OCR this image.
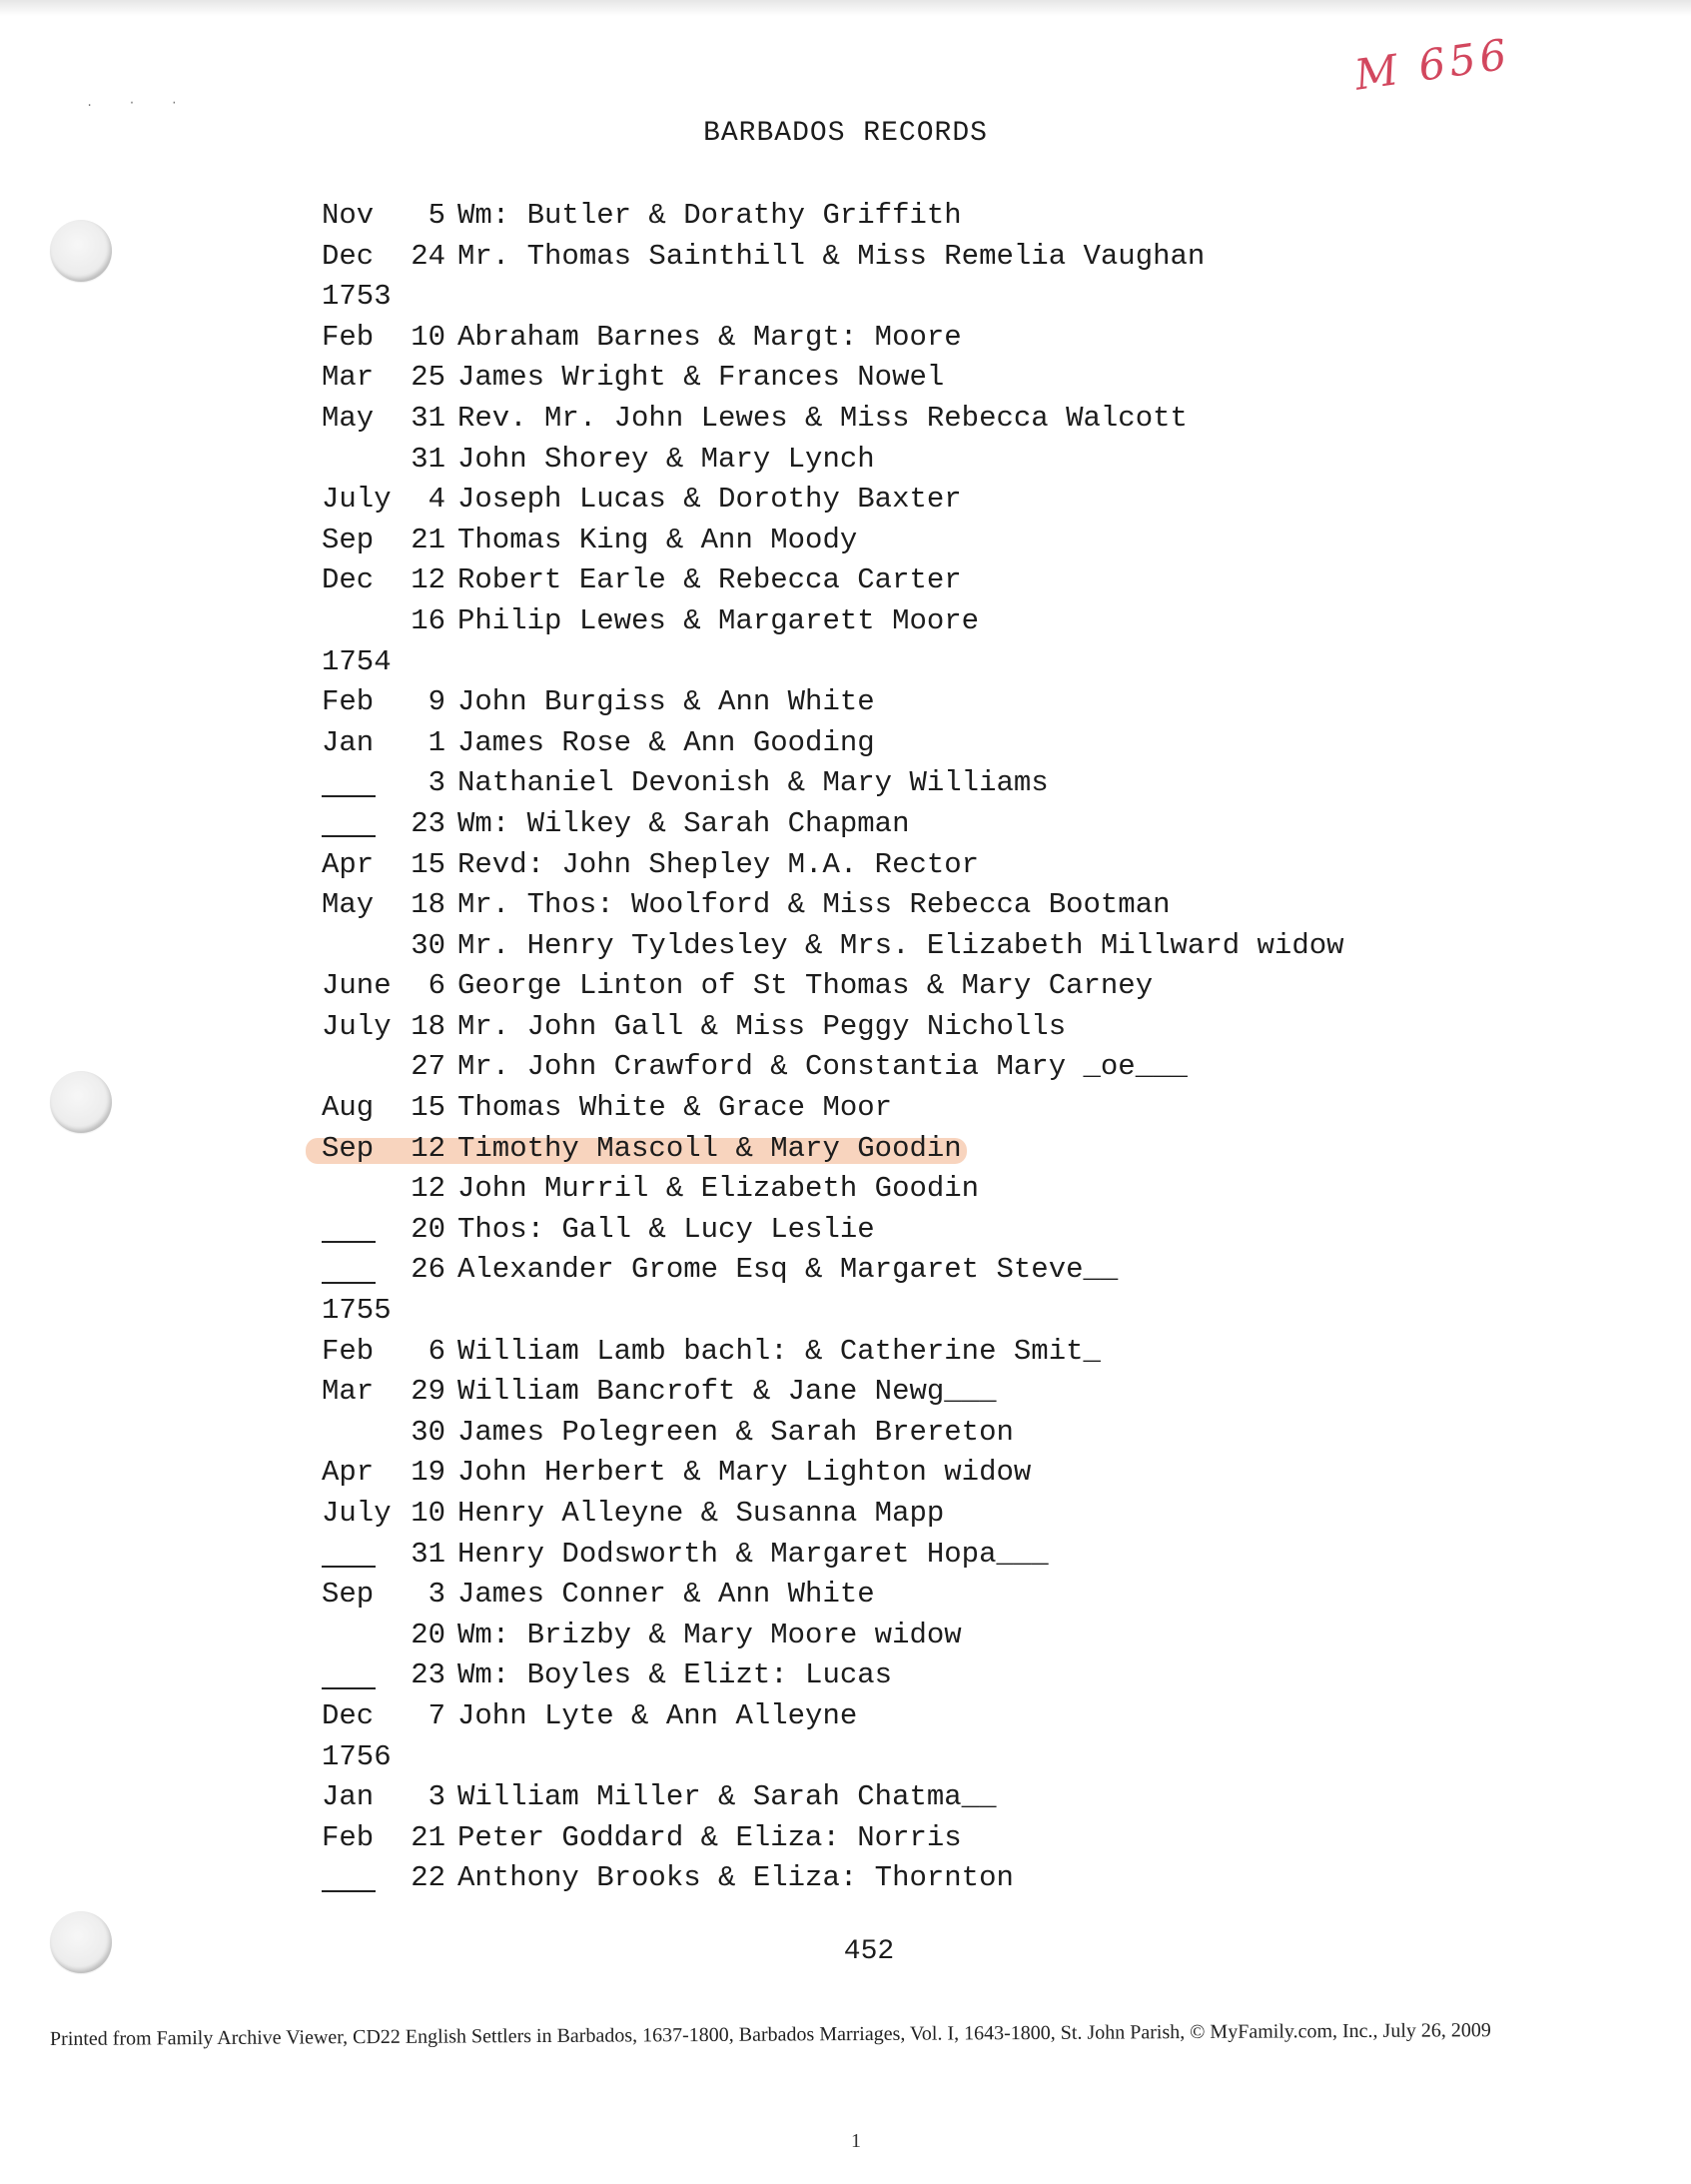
. · ·
M 656
BARBADOS RECORDS
Nov 5 Wm: Butler & Dorathy Griffith
Dec 24 Mr. Thomas Sainthill & Miss Remelia Vaughan
1753
Feb 10 Abraham Barnes & Margt: Moore
Mar 25 James Wright & Frances Nowel
May 31 Rev. Mr. John Lewes & Miss Rebecca Walcott
31 John Shorey & Mary Lynch
July 4 Joseph Lucas & Dorothy Baxter
Sep 21 Thomas King & Ann Moody
Dec 12 Robert Earle & Rebecca Carter
16 Philip Lewes & Margarett Moore
1754
Feb 9 John Burgiss & Ann White
Jan 1 James Rose & Ann Gooding
3 Nathaniel Devonish & Mary Williams
23 Wm: Wilkey & Sarah Chapman
Apr 15 Revd: John Shepley M.A. Rector
May 18 Mr. Thos: Woolford & Miss Rebecca Bootman
30 Mr. Henry Tyldesley & Mrs. Elizabeth Millward widow
June 6 George Linton of St Thomas & Mary Carney
July 18 Mr. John Gall & Miss Peggy Nicholls
27 Mr. John Crawford & Constantia Mary _oe___
Aug 15 Thomas White & Grace Moor
Sep 12 Timothy Mascoll & Mary Goodin
12 John Murril & Elizabeth Goodin
20 Thos: Gall & Lucy Leslie
26 Alexander Grome Esq & Margaret Steve__
1755
Feb 6 William Lamb bachl: & Catherine Smit_
Mar 29 William Bancroft & Jane Newg___
30 James Polegreen & Sarah Brereton
Apr 19 John Herbert & Mary Lighton widow
July 10 Henry Alleyne & Susanna Mapp
31 Henry Dodsworth & Margaret Hopa___
Sep 3 James Conner & Ann White
20 Wm: Brizby & Mary Moore widow
23 Wm: Boyles & Elizt: Lucas
Dec 7 John Lyte & Ann Alleyne
1756
Jan 3 William Miller & Sarah Chatma__
Feb 21 Peter Goddard & Eliza: Norris
22 Anthony Brooks & Eliza: Thornton
452
Printed from Family Archive Viewer, CD22 English Settlers in Barbados, 1637-1800, Barbados Marriages, Vol. I, 1643-1800, St. John Parish, © MyFamily.com, Inc., July 26, 2009
1
